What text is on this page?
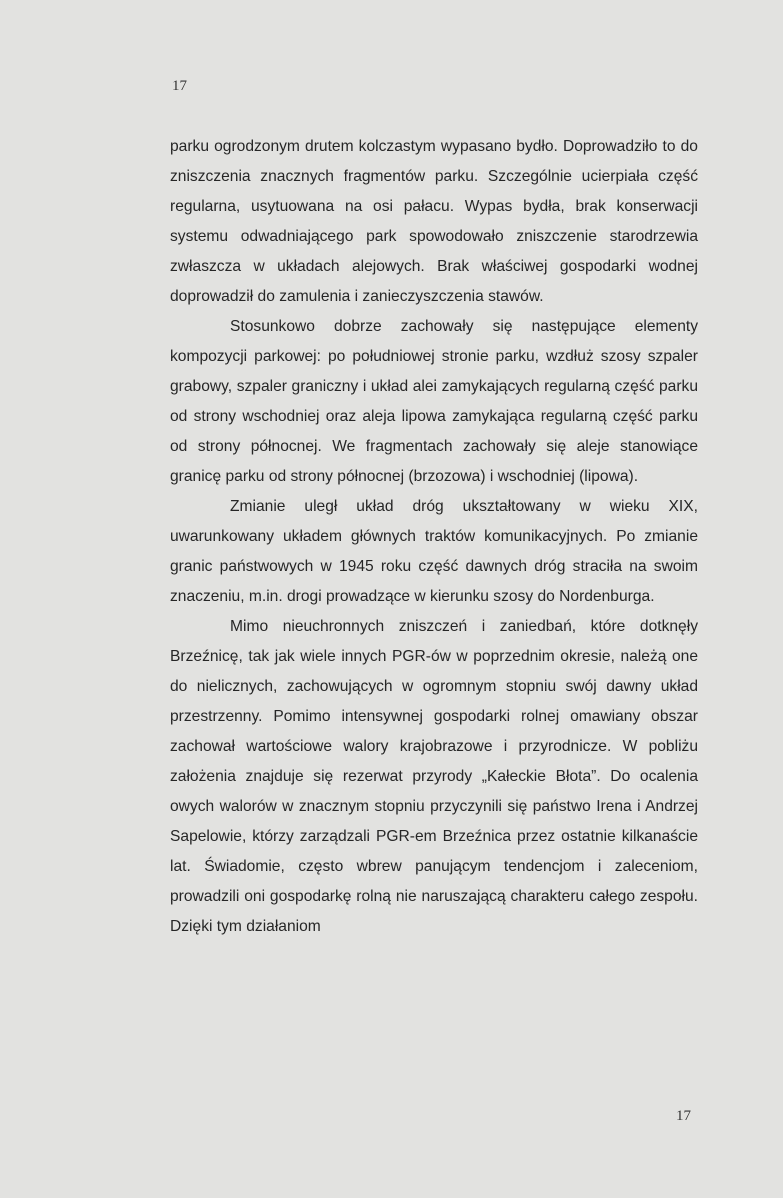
17

parku ogrodzonym drutem kolczastym wypasano bydło. Doprowadziło to do zniszczenia znacznych fragmentów parku. Szczególnie ucierpiała część regularna, usytuowana na osi pałacu. Wypas bydła, brak konserwacji systemu odwadniającego park spowodowało zniszczenie starodrzewia zwłaszcza w układach alejowych. Brak właściwej gospodarki wodnej doprowadził do zamulenia i zanieczyszczenia stawów.

Stosunkowo dobrze zachowały się następujące elementy kompozycji parkowej: po południowej stronie parku, wzdłuż szosy szpaler grabowy, szpaler graniczny i układ alei zamykających regularną część parku od strony wschodniej oraz aleja lipowa zamykająca regularną część parku od strony północnej. We fragmentach zachowały się aleje stanowiące granicę parku od strony północnej (brzozowa) i wschodniej (lipowa).

Zmianie uległ układ dróg ukształtowany w wieku XIX, uwarunkowany układem głównych traktów komunikacyjnych. Po zmianie granic państwowych w 1945 roku część dawnych dróg straciła na swoim znaczeniu, m.in. drogi prowadzące w kierunku szosy do Nordenburga.

Mimo nieuchronnych zniszczeń i zaniedbań, które dotknęły Brzeźnicę, tak jak wiele innych PGR-ów w poprzednim okresie, należą one do nielicznych, zachowujących w ogromnym stopniu swój dawny układ przestrzenny. Pomimo intensywnej gospodarki rolnej omawiany obszar zachował wartościowe walory krajobrazowe i przyrodnicze. W pobliżu założenia znajduje się rezerwat przyrody „Kałeckie Błota”. Do ocalenia owych walorów w znacznym stopniu przyczynili się państwo Irena i Andrzej Sapelowie, którzy zarządzali PGR-em Brzeźnica przez ostatnie kilkanaście lat. Świadomie, często wbrew panującym tendencjom i zaleceniom, prowadzili oni gospodarkę rolną nie naruszającą charakteru całego zespołu. Dzięki tym działaniom

17
